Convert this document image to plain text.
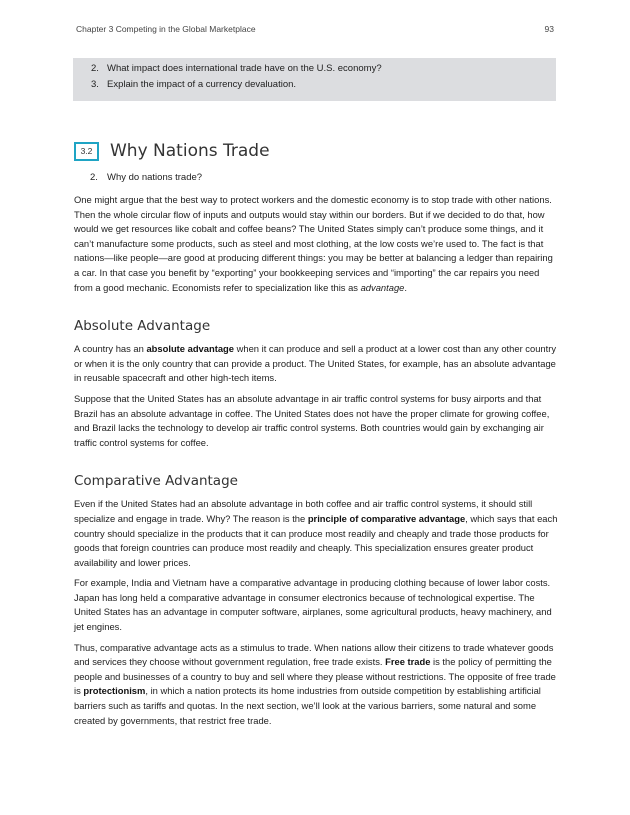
Chapter 3 Competing in the Global Marketplace	93
2. What impact does international trade have on the U.S. economy?
3. Explain the impact of a currency devaluation.
3.2	Why Nations Trade
2. Why do nations trade?

One might argue that the best way to protect workers and the domestic economy is to stop trade with other nations. Then the whole circular flow of inputs and outputs would stay within our borders. But if we decided to do that, how would we get resources like cobalt and coffee beans? The United States simply can’t produce some things, and it can’t manufacture some products, such as steel and most clothing, at the low costs we’re used to. The fact is that nations—like people—are good at producing different things: you may be better at balancing a ledger than repairing a car. In that case you benefit by “exporting” your bookkeeping services and “importing” the car repairs you need from a good mechanic. Economists refer to specialization like this as advantage.

Absolute Advantage

A country has an absolute advantage when it can produce and sell a product at a lower cost than any other country or when it is the only country that can provide a product. The United States, for example, has an absolute advantage in reusable spacecraft and other high-tech items.

Suppose that the United States has an absolute advantage in air traffic control systems for busy airports and that Brazil has an absolute advantage in coffee. The United States does not have the proper climate for growing coffee, and Brazil lacks the technology to develop air traffic control systems. Both countries would gain by exchanging air traffic control systems for coffee.

Comparative Advantage

Even if the United States had an absolute advantage in both coffee and air traffic control systems, it should still specialize and engage in trade. Why? The reason is the principle of comparative advantage, which says that each country should specialize in the products that it can produce most readily and cheaply and trade those products for goods that foreign countries can produce most readily and cheaply. This specialization ensures greater product availability and lower prices.

For example, India and Vietnam have a comparative advantage in producing clothing because of lower labor costs. Japan has long held a comparative advantage in consumer electronics because of technological expertise. The United States has an advantage in computer software, airplanes, some agricultural products, heavy machinery, and jet engines.

Thus, comparative advantage acts as a stimulus to trade. When nations allow their citizens to trade whatever goods and services they choose without government regulation, free trade exists. Free trade is the policy of permitting the people and businesses of a country to buy and sell where they please without restrictions. The opposite of free trade is protectionism, in which a nation protects its home industries from outside competition by establishing artificial barriers such as tariffs and quotas. In the next section, we’ll look at the various barriers, some natural and some created by governments, that restrict free trade.
